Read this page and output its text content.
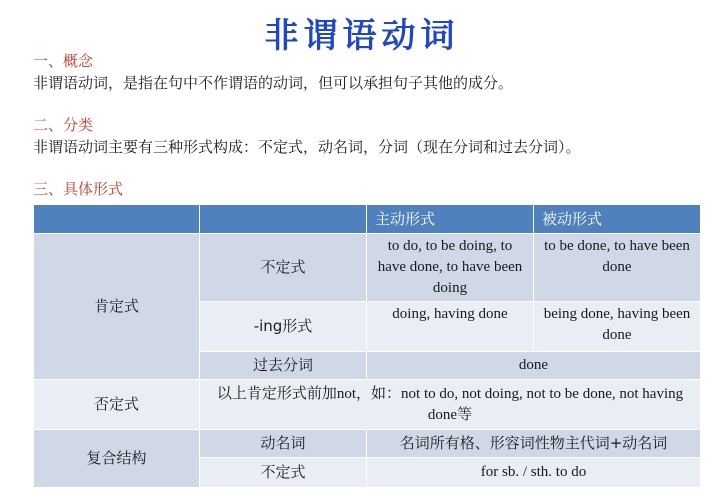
非谓语动词
一、概念
非谓语动词，是指在句中不作谓语的动词，但可以承担句子其他的成分。
二、分类
非谓语动词主要有三种形式构成：不定式，动名词，分词（现在分词和过去分词）。
三、具体形式
		主动形式	被动形式
肯定式	不定式	to do, to be doing, to have done, to have been doing	to be done, to have been done
	-ing形式	doing, having done	being done, having been done
	过去分词	done	
否定式	以上肯定形式前加not，如：not to do, not doing, not to be done, not having done等		
复合结构	动名词	名词所有格、形容词性物主代词+动名词	
	不定式	for sb. / sth. to do	
